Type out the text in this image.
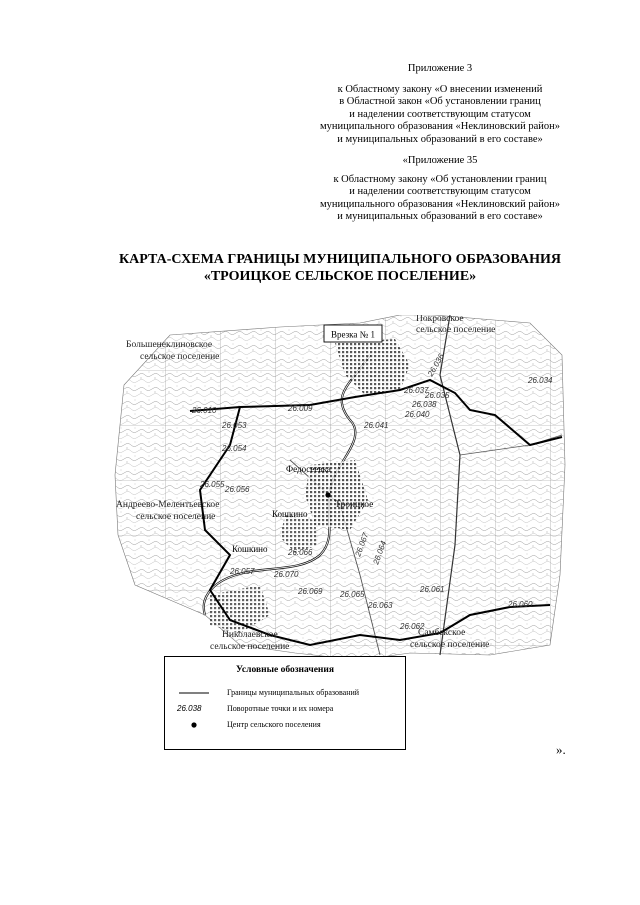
Приложение 3
к Областному закону «О внесении изменений
в Областной закон «Об установлении границ
и наделении соответствующим статусом
муниципального образования «Неклиновский район»
и муниципальных образований в его составе»
«Приложение 35
к Областному закону «Об установлении границ
и наделении соответствующим статусом
муниципального образования «Неклиновский район»
и муниципальных образований в его составе»
КАРТА-СХЕМА ГРАНИЦЫ МУНИЦИПАЛЬНОГО ОБРАЗОВАНИЯ
«ТРОИЦКОЕ СЕЛЬСКОЕ ПОСЕЛЕНИЕ»
Врезка № 1
Покровское сельское поселение
Большенеклиновское сельское поселение
Андреево-Мелентьевское сельское поселение
Николаевское сельское поселение
Самбекское сельское поселение
Федосеевка
Троицкое
Кошкино
Кошкино
26.010	26.009
26.053
26.054
26.055
26.056
26.057
26.066
26.070
26.069 26.065
26.063
26.062
26.061
26.060
26.064
26.067
26.041
26.040
26.037
26.038
26.035
26.036
26.034
Условные обозначения
Границы муниципальных образований
26.038	Поворотные точки и их номера
Центр сельского поселения
».
